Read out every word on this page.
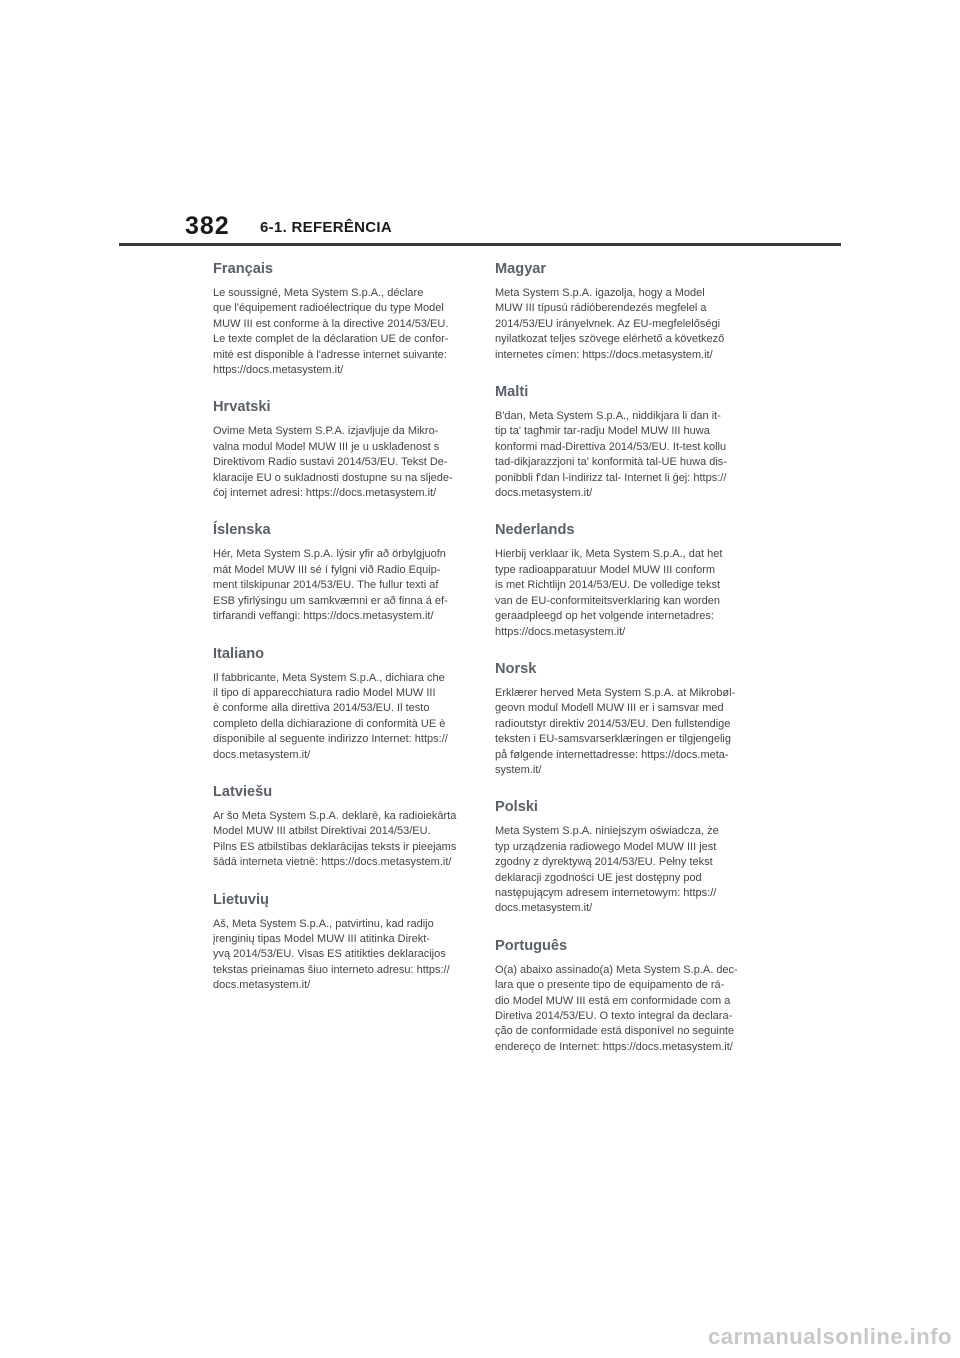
382 6-1. REFERÊNCIA
Français

Le soussigné, Meta System S.p.A., déclare
que l'équipement radioélectrique du type Model
MUW III est conforme à la directive 2014/53/EU.
Le texte complet de la déclaration UE de confor-
mité est disponible à l'adresse internet suivante:
https://docs.metasystem.it/

Hrvatski

Ovime Meta System S.P.A. izjavljuje da Mikro-
valna modul Model MUW III je u usklađenost s
Direktivom Radio sustavi 2014/53/EU. Tekst De-
klaracije EU o sukladnosti dostupne su na sljede-
ćoj internet adresi: https://docs.metasystem.it/

Íslenska

Hér, Meta System S.p.A. lýsir yfir að örbylgjuofn
mát Model MUW III sé í fylgni við Radio Equip-
ment tilskipunar 2014/53/EU. The fullur texti af
ESB yfirlýsingu um samkvæmni er að finna á ef-
tirfarandi veffangi: https://docs.metasystem.it/

Italiano

Il fabbricante, Meta System S.p.A., dichiara che
il tipo di apparecchiatura radio Model MUW III
è conforme alla direttiva 2014/53/EU. Il testo
completo della dichiarazione di conformità UE è
disponibile al seguente indirizzo Internet: https://
docs.metasystem.it/

Latviešu

Ar šo Meta System S.p.A. deklarē, ka radioiekārta
Model MUW III atbilst Direktīvai 2014/53/EU.
Pilns ES atbilstības deklarācijas teksts ir pieejams
šādā interneta vietnē: https://docs.metasystem.it/

Lietuvių

Aš, Meta System S.p.A., patvirtinu, kad radijo
įrenginių tipas Model MUW III atitinka Direkt-
yvą 2014/53/EU. Visas ES atitikties deklaracijos
tekstas prieinamas šiuo interneto adresu: https://
docs.metasystem.it/

Magyar

Meta System S.p.A. igazolja, hogy a Model
MUW III típusú rádióberendezés megfelel a
2014/53/EU irányelvnek. Az EU-megfelelőségi
nyilatkozat teljes szövege elérhető a következő
internetes címen: https://docs.metasystem.it/

Malti

B'dan, Meta System S.p.A., niddikjara li dan it-
tip ta' tagħmir tar-radju Model MUW III huwa
konformi mad-Direttiva 2014/53/EU. It-test kollu
tad-dikjarazzjoni ta' konformità tal-UE huwa dis-
ponibbli f'dan l-indirizz tal- Internet li ġej: https://
docs.metasystem.it/

Nederlands

Hierbij verklaar ik, Meta System S.p.A., dat het
type radioapparatuur Model MUW III conform
is met Richtlijn 2014/53/EU. De volledige tekst
van de EU-conformiteitsverklaring kan worden
geraadpleegd op het volgende internetadres:
https://docs.metasystem.it/

Norsk

Erklærer herved Meta System S.p.A. at Mikrobøl-
geovn modul Modell MUW III er i samsvar med
radioutstyr direktiv 2014/53/EU. Den fullstendige
teksten i EU-samsvarserklæringen er tilgjengelig
på følgende internettadresse: https://docs.meta-
system.it/

Polski

Meta System S.p.A. niniejszym oświadcza, że
typ urządzenia radiowego Model MUW III jest
zgodny z dyrektywą 2014/53/EU. Pełny tekst
deklaracji zgodności UE jest dostępny pod
następującym adresem internetowym: https://
docs.metasystem.it/

Português

O(a) abaixo assinado(a) Meta System S.p.A. dec-
lara que o presente tipo de equipamento de rá-
dio Model MUW III está em conformidade com a
Diretiva 2014/53/EU. O texto integral da declara-
ção de conformidade está disponível no seguinte
endereço de Internet: https://docs.metasystem.it/

carmanualsonline.info
